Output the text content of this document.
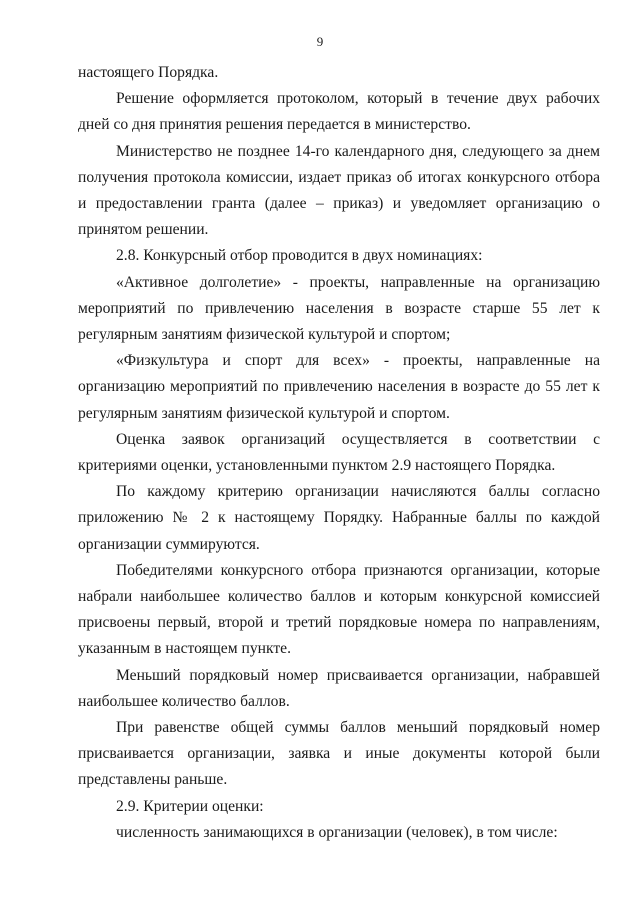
9

настоящего Порядка.

Решение оформляется протоколом, который в течение двух рабочих дней со дня принятия решения передается в министерство.

Министерство не позднее 14-го календарного дня, следующего за днем получения протокола комиссии, издает приказ об итогах конкурсного отбора и предоставлении гранта (далее – приказ) и уведомляет организацию о принятом решении.

2.8. Конкурсный отбор проводится в двух номинациях:

«Активное долголетие» - проекты, направленные на организацию мероприятий по привлечению населения в возрасте старше 55 лет к регулярным занятиям физической культурой и спортом;

«Физкультура и спорт для всех» - проекты, направленные на организацию мероприятий по привлечению населения в возрасте до 55 лет к регулярным занятиям физической культурой и спортом.

Оценка заявок организаций осуществляется в соответствии с критериями оценки, установленными пунктом 2.9 настоящего Порядка.

По каждому критерию организации начисляются баллы согласно приложению № 2 к настоящему Порядку. Набранные баллы по каждой организации суммируются.

Победителями конкурсного отбора признаются организации, которые набрали наибольшее количество баллов и которым конкурсной комиссией присвоены первый, второй и третий порядковые номера по направлениям, указанным в настоящем пункте.

Меньший порядковый номер присваивается организации, набравшей наибольшее количество баллов.

При равенстве общей суммы баллов меньший порядковый номер присваивается организации, заявка и иные документы которой были представлены раньше.

2.9. Критерии оценки:

численность занимающихся в организации (человек), в том числе:
